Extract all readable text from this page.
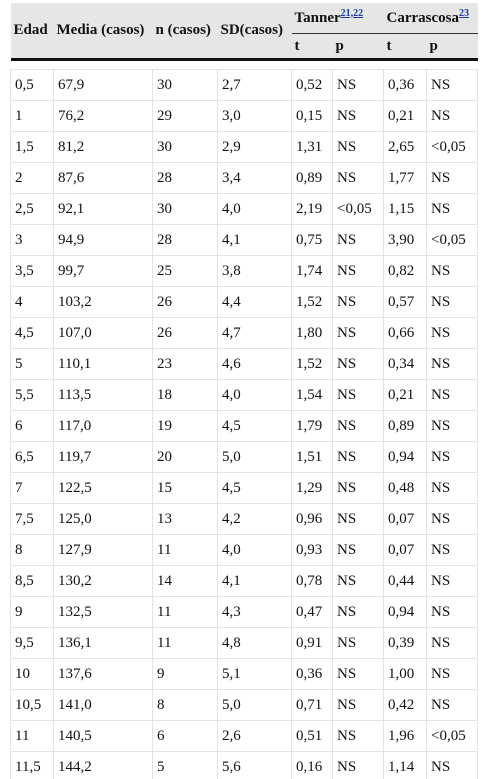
Edad	Media (casos)	n (casos)	SD(casos)	Tanner$^{21,22}$		Carrascosa$^{23}$
				t	p	t	p

0,5	67,9	30	2,7	0,52	NS	0,36	NS
1	76,2	29	3,0	0,15	NS	0,21	NS
1,5	81,2	30	2,9	1,31	NS	2,65	<0,05
2	87,6	28	3,4	0,89	NS	1,77	NS
2,5	92,1	30	4,0	2,19	<0,05	1,15	NS
3	94,9	28	4,1	0,75	NS	3,90	<0,05
3,5	99,7	25	3,8	1,74	NS	0,82	NS
4	103,2	26	4,4	1,52	NS	0,57	NS
4,5	107,0	26	4,7	1,80	NS	0,66	NS
5	110,1	23	4,6	1,52	NS	0,34	NS
5,5	113,5	18	4,0	1,54	NS	0,21	NS
6	117,0	19	4,5	1,79	NS	0,89	NS
6,5	119,7	20	5,0	1,51	NS	0,94	NS
7	122,5	15	4,5	1,29	NS	0,48	NS
7,5	125,0	13	4,2	0,96	NS	0,07	NS
8	127,9	11	4,0	0,93	NS	0,07	NS
8,5	130,2	14	4,1	0,78	NS	0,44	NS
9	132,5	11	4,3	0,47	NS	0,94	NS
9,5	136,1	11	4,8	0,91	NS	0,39	NS
10	137,6	9	5,1	0,36	NS	1,00	NS
10,5	141,0	8	5,0	0,71	NS	0,42	NS
11	140,5	6	2,6	0,51	NS	1,96	<0,05
11,5	144,2	5	5,6	0,16	NS	1,14	NS
